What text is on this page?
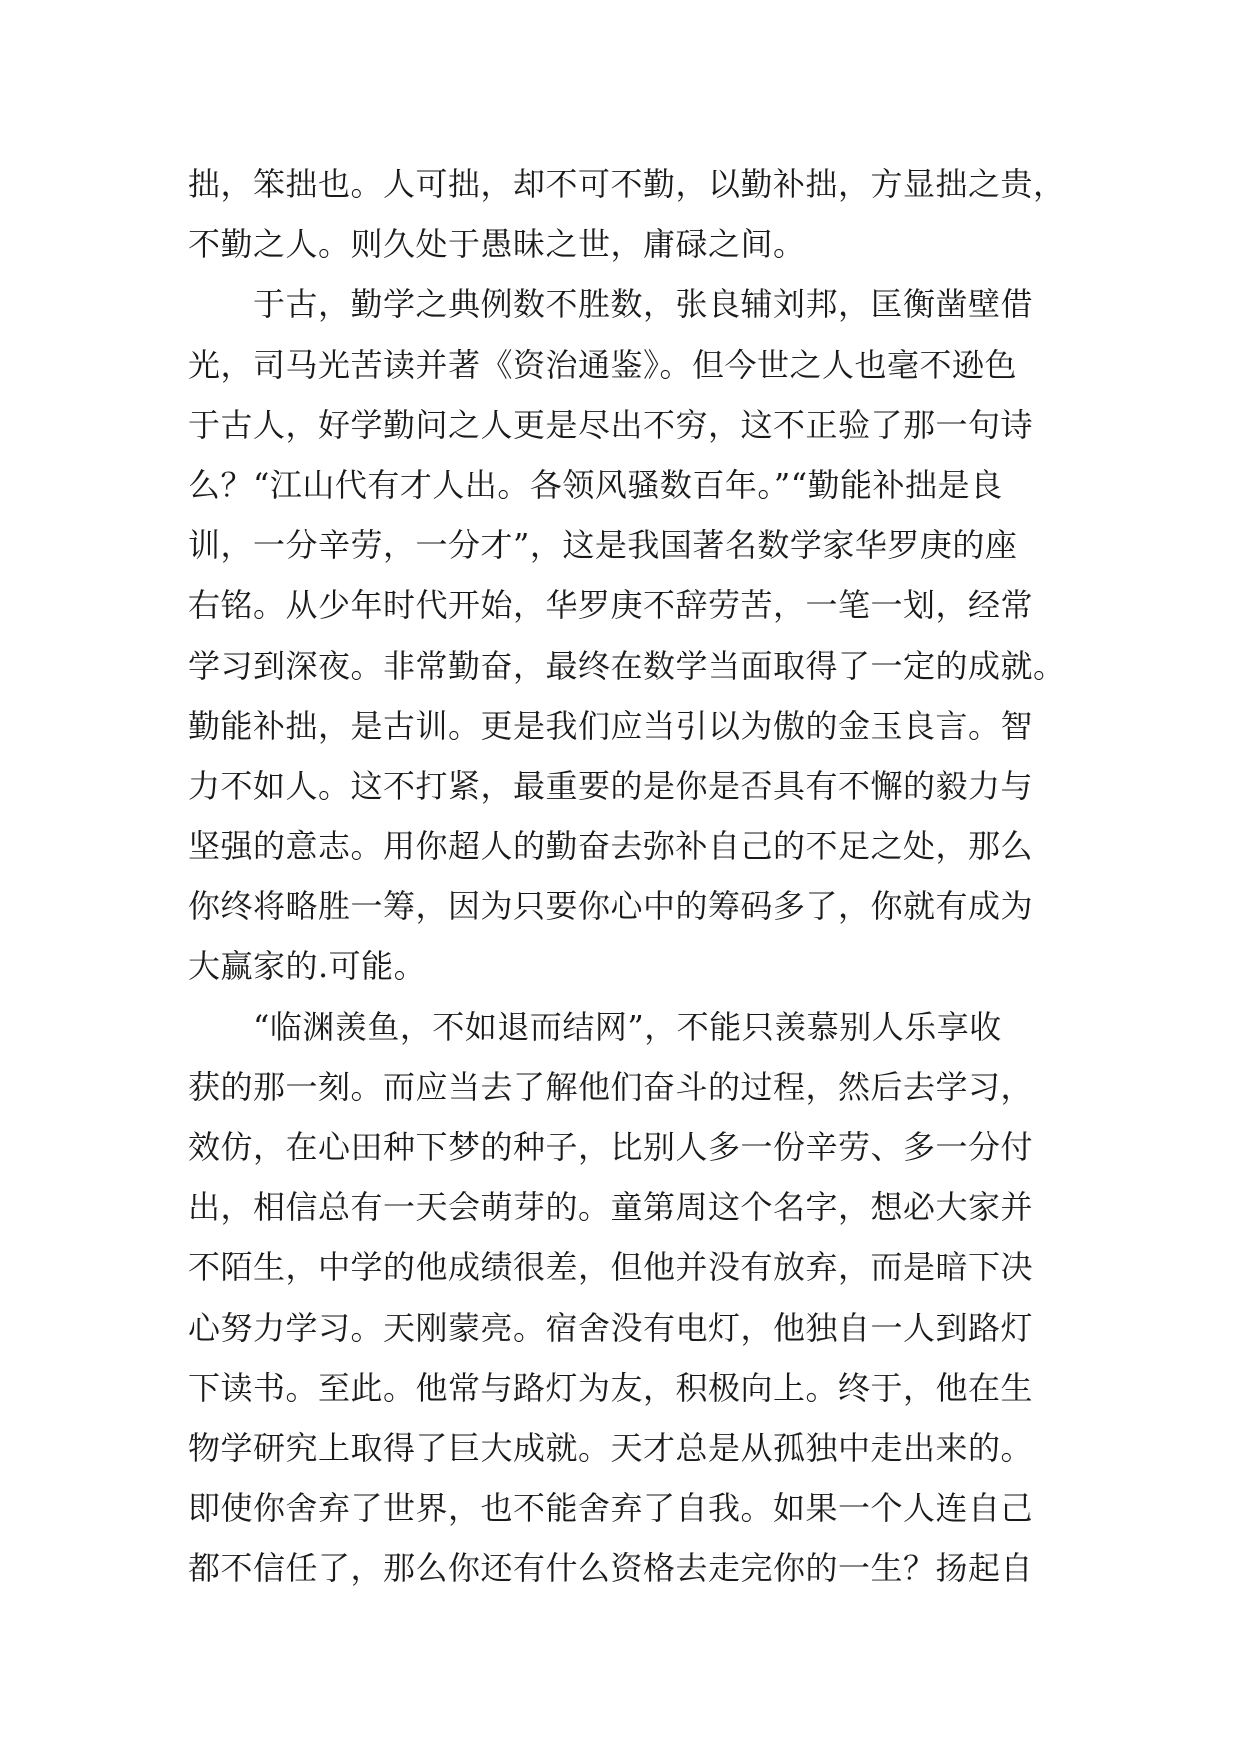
拙，笨拙也。人可拙，却不可不勤，以勤补拙，方显拙之贵，
不勤之人。则久处于愚昧之世，庸碌之间。
于古，勤学之典例数不胜数，张良辅刘邦，匡衡凿壁借
光，司马光苦读并著《资治通鉴》。但今世之人也毫不逊色
于古人，好学勤问之人更是尽出不穷，这不正验了那一句诗
么？“江山代有才人出。各领风骚数百年。”“勤能补拙是良
训，一分辛劳，一分才”，这是我国著名数学家华罗庚的座
右铭。从少年时代开始，华罗庚不辞劳苦，一笔一划，经常
学习到深夜。非常勤奋，最终在数学当面取得了一定的成就。
勤能补拙，是古训。更是我们应当引以为傲的金玉良言。智
力不如人。这不打紧，最重要的是你是否具有不懈的毅力与
坚强的意志。用你超人的勤奋去弥补自己的不足之处，那么
你终将略胜一筹，因为只要你心中的筹码多了，你就有成为
大赢家的.可能。
“临渊羡鱼，不如退而结网”，不能只羡慕别人乐享收
获的那一刻。而应当去了解他们奋斗的过程，然后去学习，
效仿，在心田种下梦的种子，比别人多一份辛劳、多一分付
出，相信总有一天会萌芽的。童第周这个名字，想必大家并
不陌生，中学的他成绩很差，但他并没有放弃，而是暗下决
心努力学习。天刚蒙亮。宿舍没有电灯，他独自一人到路灯
下读书。至此。他常与路灯为友，积极向上。终于，他在生
物学研究上取得了巨大成就。天才总是从孤独中走出来的。
即使你舍弃了世界，也不能舍弃了自我。如果一个人连自己
都不信任了，那么你还有什么资格去走完你的一生？扬起自
